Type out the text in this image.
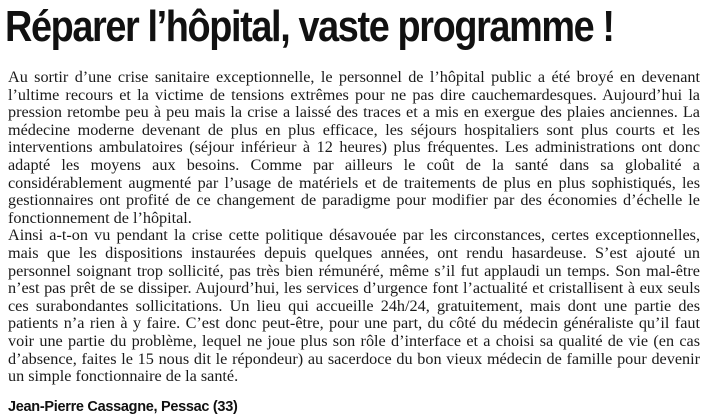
Réparer l’hôpital, vaste programme !

Au sortir d’une crise sanitaire exceptionnelle, le personnel de l’hôpital public a été broyé en devenant l’ultime recours et la victime de tensions extrêmes pour ne pas dire cauchemardesques. Aujourd’hui la pression retombe peu à peu mais la crise a laissé des traces et a mis en exergue des plaies anciennes. La médecine moderne devenant de plus en plus efficace, les séjours hospitaliers sont plus courts et les interventions ambulatoires (séjour inférieur à 12 heures) plus fréquentes. Les administrations ont donc adapté les moyens aux besoins. Comme par ailleurs le coût de la santé dans sa globalité a considérablement augmenté par l’usage de matériels et de traitements de plus en plus sophistiqués, les gestionnaires ont profité de ce changement de paradigme pour modifier par des économies d’échelle le fonctionnement de l’hôpital.

Ainsi a-t-on vu pendant la crise cette politique désavouée par les circonstances, certes exceptionnelles, mais que les dispositions instaurées depuis quelques années, ont rendu hasardeuse. S’est ajouté un personnel soignant trop sollicité, pas très bien rémunéré, même s’il fut applaudi un temps. Son mal-être n’est pas prêt de se dissiper. Aujourd’hui, les services d’urgence font l’actualité et cristallisent à eux seuls ces surabondantes sollicitations. Un lieu qui accueille 24h/24, gratuitement, mais dont une partie des patients n’a rien à y faire. C’est donc peut-être, pour une part, du côté du médecin généraliste qu’il faut voir une partie du problème, lequel ne joue plus son rôle d’interface et a choisi sa qualité de vie (en cas d’absence, faites le 15 nous dit le répondeur) au sacerdoce du bon vieux médecin de famille pour devenir un simple fonctionnaire de la santé.

Jean-Pierre Cassagne, Pessac (33)
